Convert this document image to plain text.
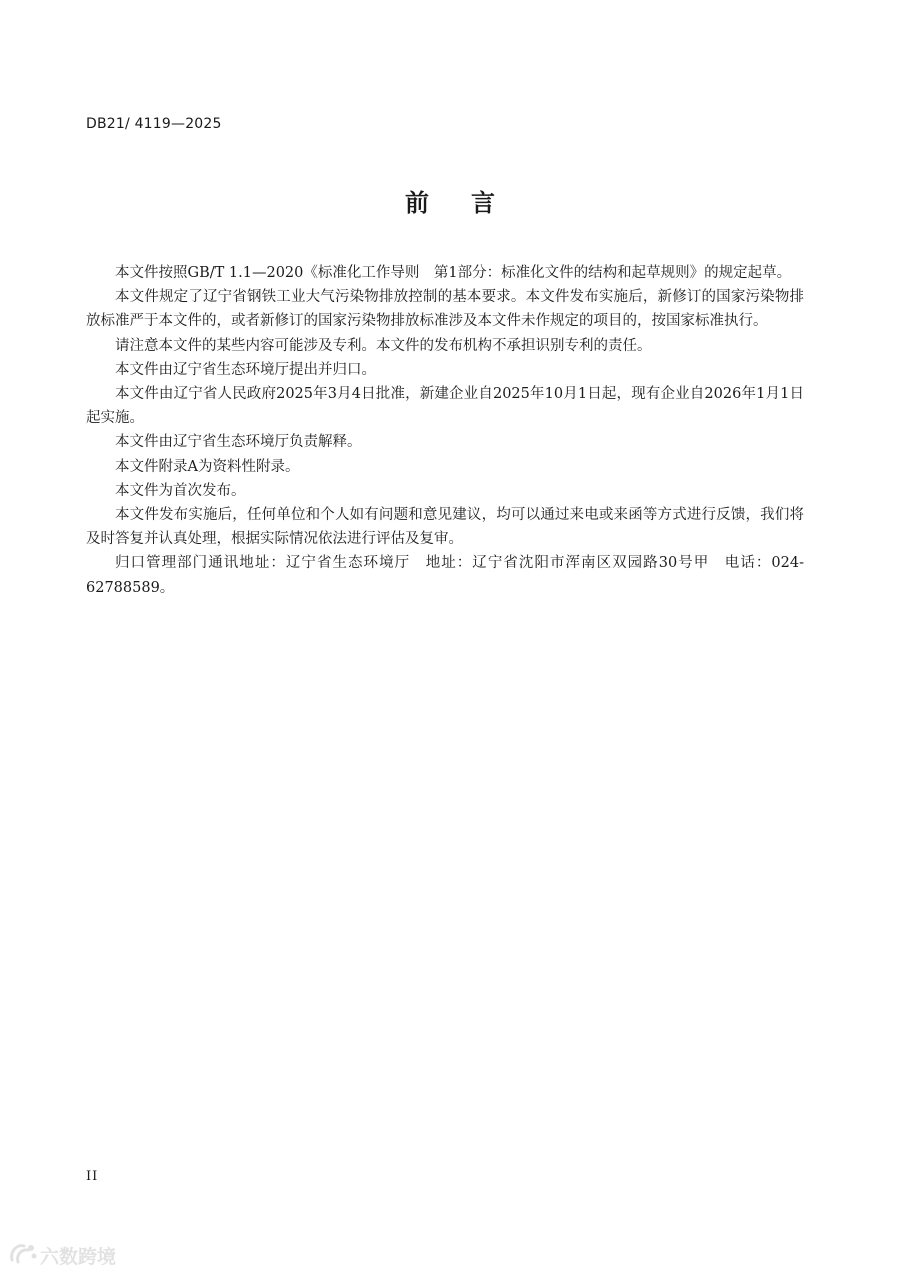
DB21/ 4119—2025
前 言

本文件按照GB/T 1.1—2020《标准化工作导则　第1部分：标准化文件的结构和起草规则》的规定起草。

本文件规定了辽宁省钢铁工业大气污染物排放控制的基本要求。本文件发布实施后，新修订的国家污染物排放标准严于本文件的，或者新修订的国家污染物排放标准涉及本文件未作规定的项目的，按国家标准执行。

请注意本文件的某些内容可能涉及专利。本文件的发布机构不承担识别专利的责任。

本文件由辽宁省生态环境厅提出并归口。

本文件由辽宁省人民政府2025年3月4日批准，新建企业自2025年10月1日起，现有企业自2026年1月1日起实施。

本文件由辽宁省生态环境厅负责解释。

本文件附录A为资料性附录。

本文件为首次发布。

本文件发布实施后，任何单位和个人如有问题和意见建议，均可以通过来电或来函等方式进行反馈，我们将及时答复并认真处理，根据实际情况依法进行评估及复审。

归口管理部门通讯地址：辽宁省生态环境厅　地址：辽宁省沈阳市浑南区双园路30号甲　电话：024-62788589。

II
六数跨境
